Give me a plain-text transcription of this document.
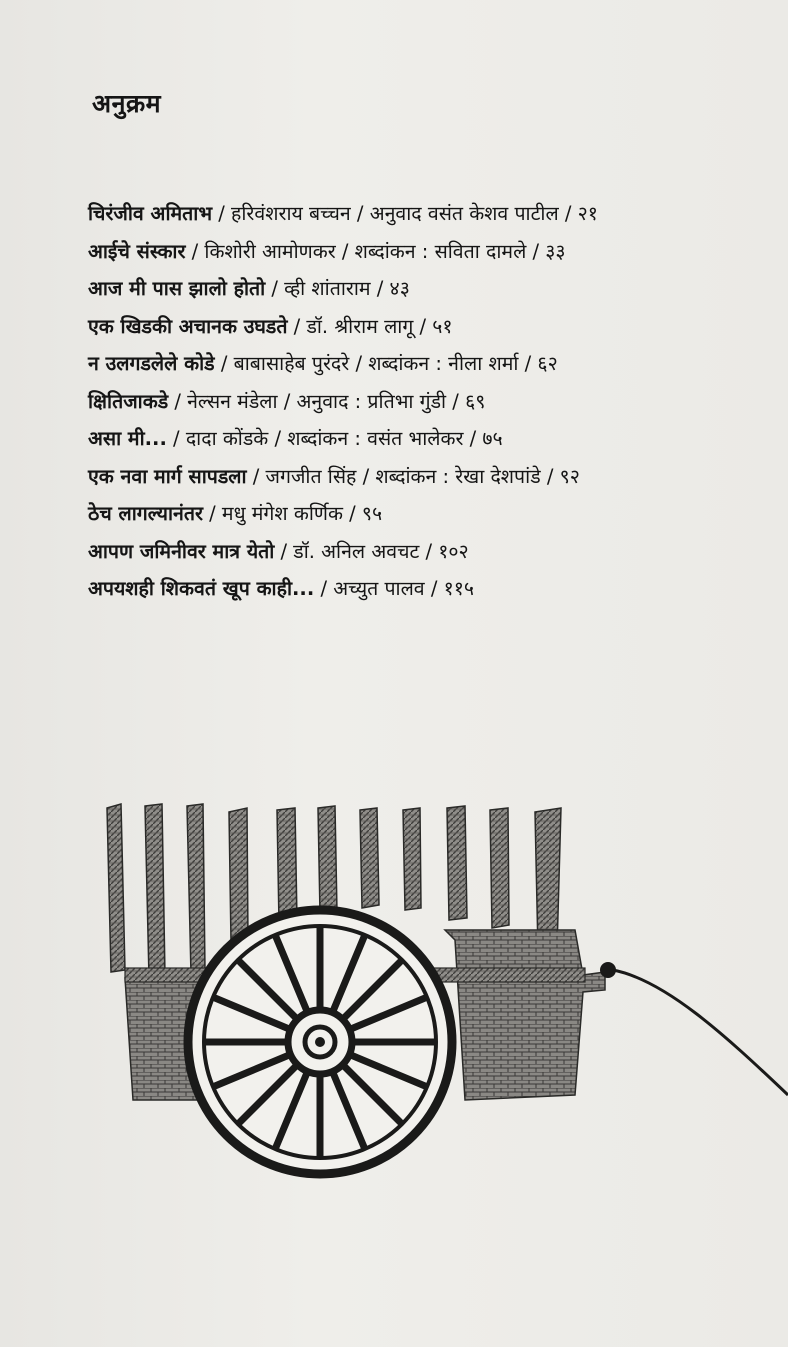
अनुक्रम
चिरंजीव अमिताभ / हरिवंशराय बच्चन / अनुवाद वसंत केशव पाटील / २१
आईचे संस्कार / किशोरी आमोणकर / शब्दांकन : सविता दामले / ३३
आज मी पास झालो होतो / व्ही शांताराम / ४३
एक खिडकी अचानक उघडते / डॉ. श्रीराम लागू / ५१
न उलगडलेले कोडे / बाबासाहेब पुरंदरे / शब्दांकन : नीला शर्मा / ६२
क्षितिजाकडे / नेल्सन मंडेला / अनुवाद : प्रतिभा गुंडी / ६९
असा मी... / दादा कोंडके / शब्दांकन : वसंत भालेकर / ७५
एक नवा मार्ग सापडला / जगजीत सिंह / शब्दांकन : रेखा देशपांडे / ९२
ठेच लागल्यानंतर / मधु मंगेश कर्णिक / ९५
आपण जमिनीवर मात्र येतो / डॉ. अनिल अवचट / १०२
अपयशही शिकवतं खूप काही... / अच्युत पालव / ११५
